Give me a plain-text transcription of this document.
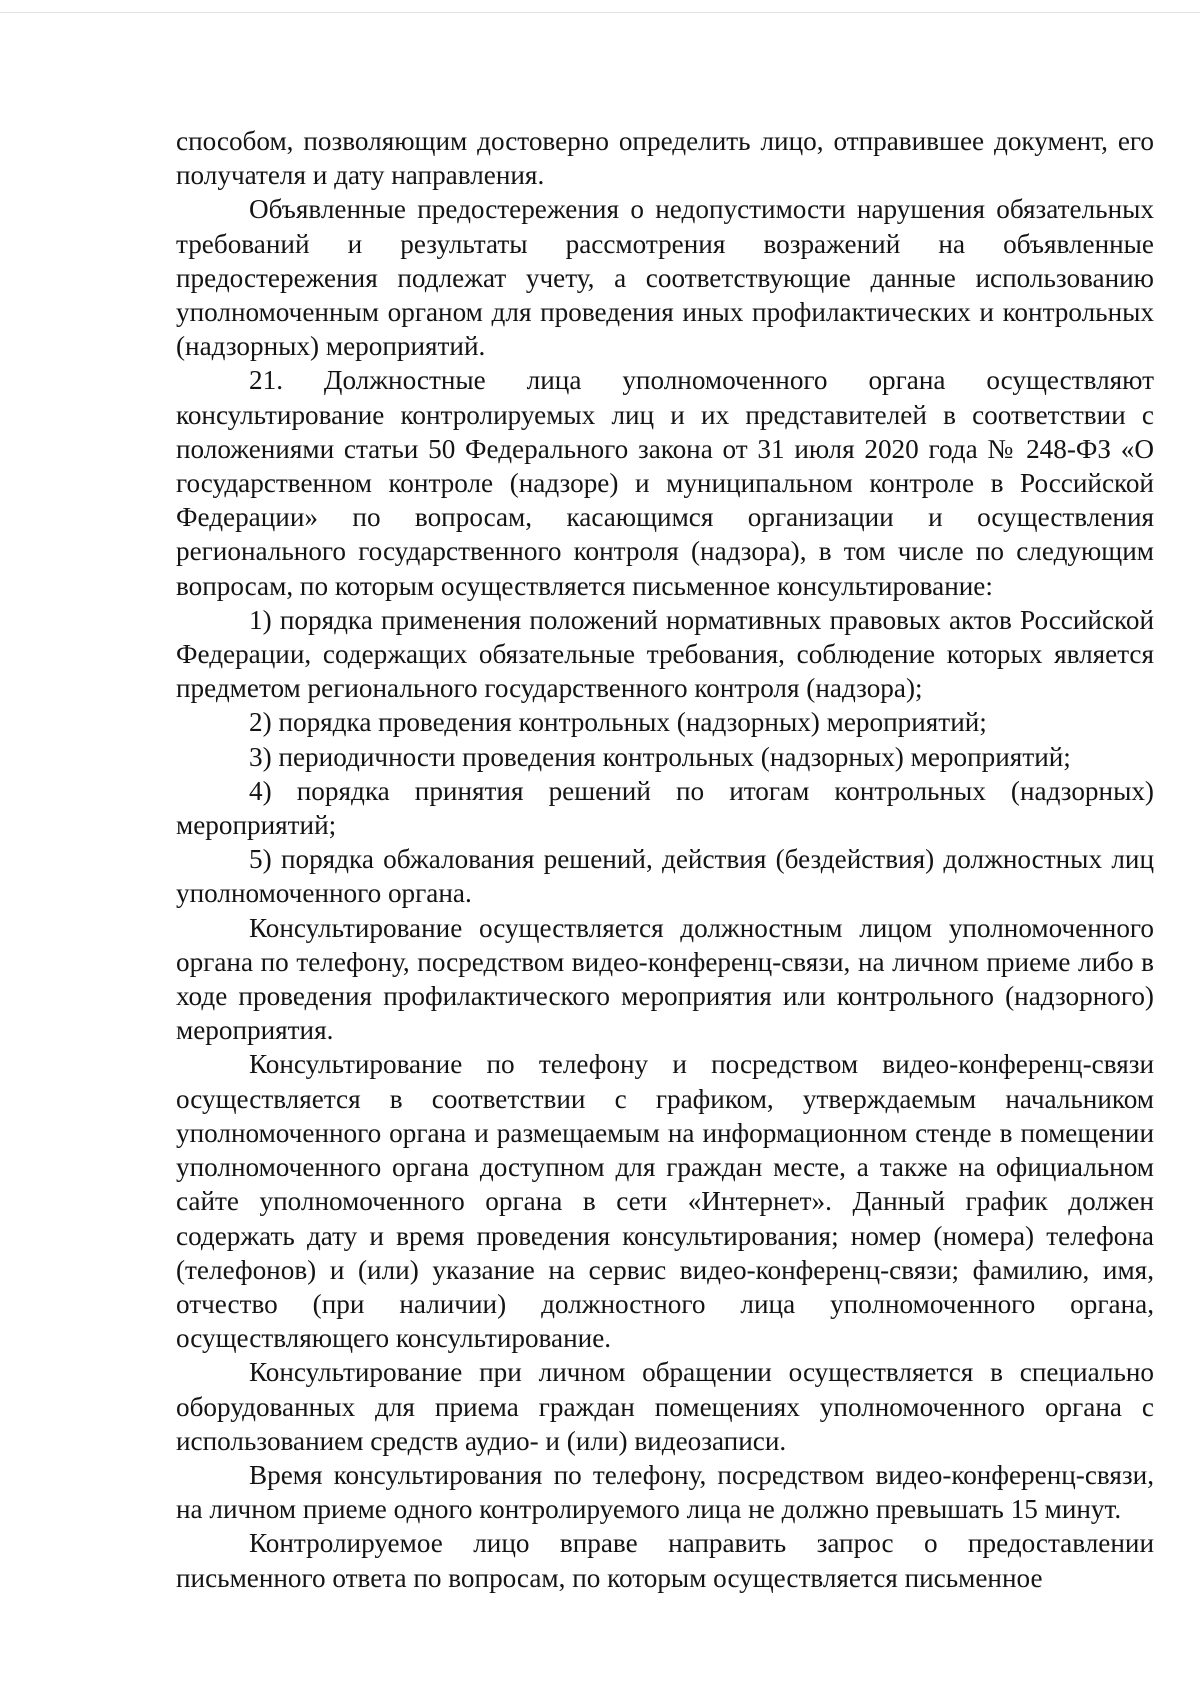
способом, позволяющим достоверно определить лицо, отправившее документ, его получателя и дату направления.

Объявленные предостережения о недопустимости нарушения обязательных требований и результаты рассмотрения возражений на объявленные предостережения подлежат учету, а соответствующие данные использованию уполномоченным органом для проведения иных профилактических и контрольных (надзорных) мероприятий.

21. Должностные лица уполномоченного органа осуществляют консультирование контролируемых лиц и их представителей в соответствии с положениями статьи 50 Федерального закона от 31 июля 2020 года № 248-ФЗ «О государственном контроле (надзоре) и муниципальном контроле в Российской Федерации» по вопросам, касающимся организации и осуществления регионального государственного контроля (надзора), в том числе по следующим вопросам, по которым осуществляется письменное консультирование:

1) порядка применения положений нормативных правовых актов Российской Федерации, содержащих обязательные требования, соблюдение которых является предметом регионального государственного контроля (надзора);

2) порядка проведения контрольных (надзорных) мероприятий;

3) периодичности проведения контрольных (надзорных) мероприятий;

4) порядка принятия решений по итогам контрольных (надзорных) мероприятий;

5) порядка обжалования решений, действия (бездействия) должностных лиц уполномоченного органа.

Консультирование осуществляется должностным лицом уполномоченного органа по телефону, посредством видео-конференц-связи, на личном приеме либо в ходе проведения профилактического мероприятия или контрольного (надзорного) мероприятия.

Консультирование по телефону и посредством видео-конференц-связи осуществляется в соответствии с графиком, утверждаемым начальником уполномоченного органа и размещаемым на информационном стенде в помещении уполномоченного органа доступном для граждан месте, а также на официальном сайте уполномоченного органа в сети «Интернет». Данный график должен содержать дату и время проведения консультирования; номер (номера) телефона (телефонов) и (или) указание на сервис видео-конференц-связи; фамилию, имя, отчество (при наличии) должностного лица уполномоченного органа, осуществляющего консультирование.

Консультирование при личном обращении осуществляется в специально оборудованных для приема граждан помещениях уполномоченного органа с использованием средств аудио- и (или) видеозаписи.

Время консультирования по телефону, посредством видео-конференц-связи, на личном приеме одного контролируемого лица не должно превышать 15 минут.

Контролируемое лицо вправе направить запрос о предоставлении письменного ответа по вопросам, по которым осуществляется письменное
